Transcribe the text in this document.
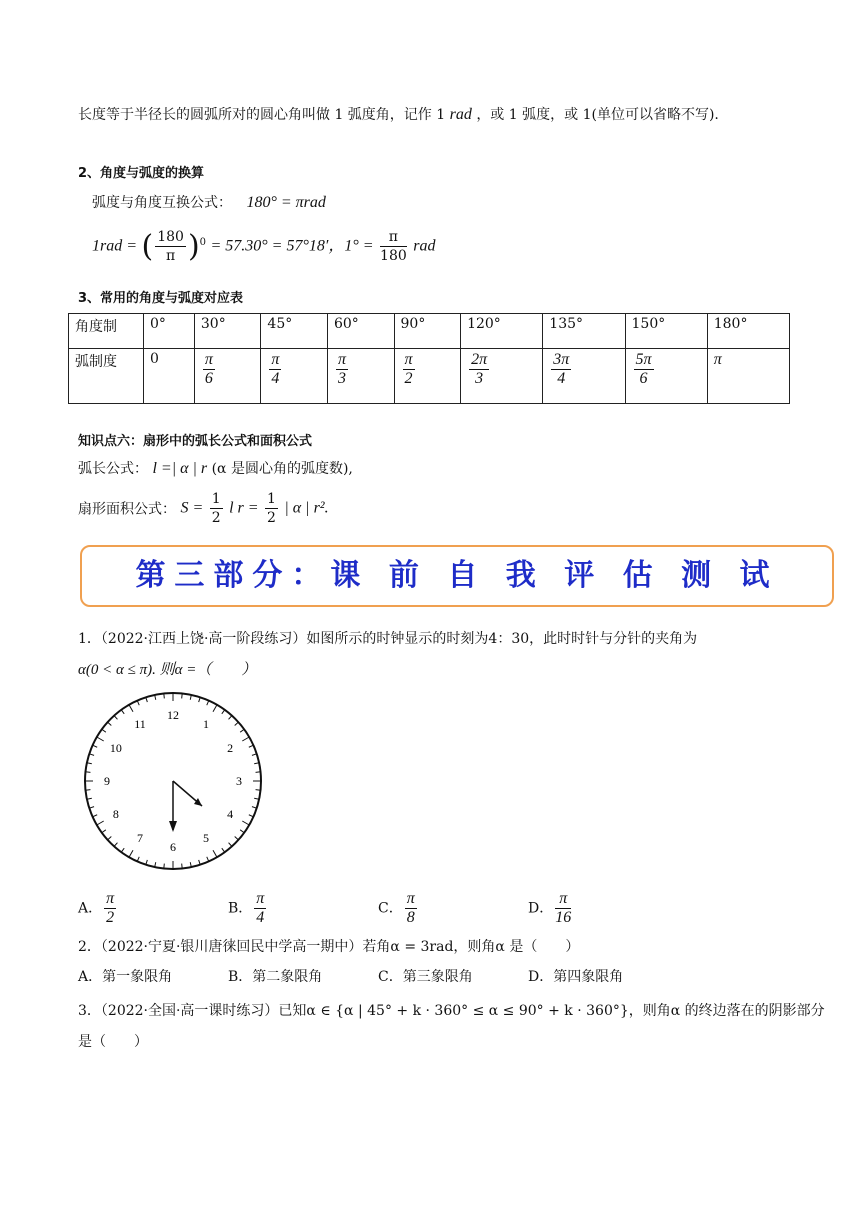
长度等于半径长的圆弧所对的圆心角叫做 1 弧度角，记作 1 rad ，或 1 弧度，或 1(单位可以省略不写).
2、角度与弧度的换算
弧度与角度互换公式： 180° = πrad
1rad = ( $\frac{180}{\pi} )^0 = 57.30^\circ = 57^\circ 18'$，$1^\circ = \frac{\pi}{180}$ rad
3、常用的角度与弧度对应表
角度制	0°	30°	45°	60°	90°	120°	135°	150°	180°
弧制度	0	$\frac{\pi}{6}$	$\frac{\pi}{4}$	$\frac{\pi}{3}$	$\frac{\pi}{2}$	$\frac{2\pi}{3}$	$\frac{3\pi}{4}$	$\frac{5\pi}{6}$	π
知识点六：扇形中的弧长公式和面积公式
弧长公式： l =| α | r (α 是圆心角的弧度数),
扇形面积公式： $S = \frac{1}{2}$ l $r = \frac{1}{2}$ | α | r².
第三部分：课 前 自 我 评 估 测 试
1．（2022·江西上饶·高一阶段练习）如图所示的时钟显示的时刻为4：30，此时时针与分针的夹角为
α(0 < α ≤ π). 则α =（　　）
12
1
2
3
4
5
6
7
8
9
10
11
A． $\frac{\pi}{2}$	B． $\frac{\pi}{4}$	C． $\frac{\pi}{8}$	D． $\frac{\pi}{16}$
2．（2022·宁夏·银川唐徕回民中学高一期中）若角α = 3rad，则角α 是（　　）
A．第一象限角	B．第二象限角	C．第三象限角	D．第四象限角
3．（2022·全国·高一课时练习）已知α ∈ {α | 45° + k · 360° ≤ α ≤ 90° + k · 360°}，则角α 的终边落在的阴影部分
是（　　）
